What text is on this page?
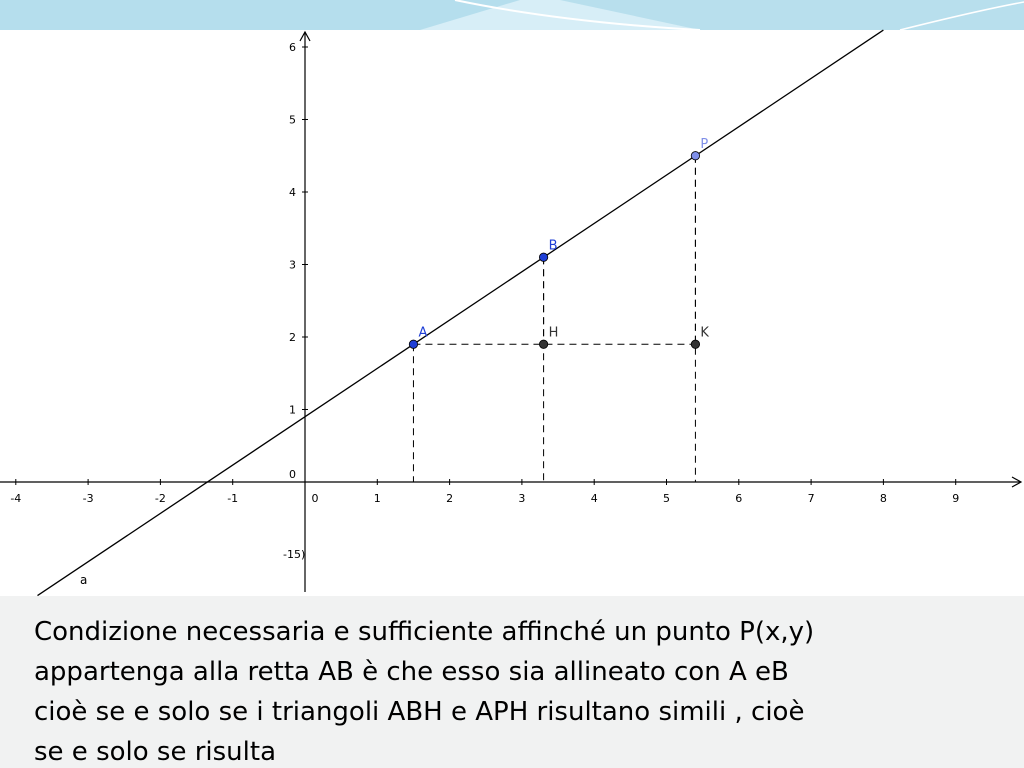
-4	-3	-2	-1	0	1	2	3	4	5	6	7	8	9
6
5
4
3
2
1
0
-15)
a
A
B
P
H	K
Condizione necessaria e sufficiente affinché un punto P(x,y)
appartenga alla retta AB è che esso sia allineato con A eB
cioè se e solo se i triangoli ABH e APH risultano simili , cioè
se e solo se risulta
